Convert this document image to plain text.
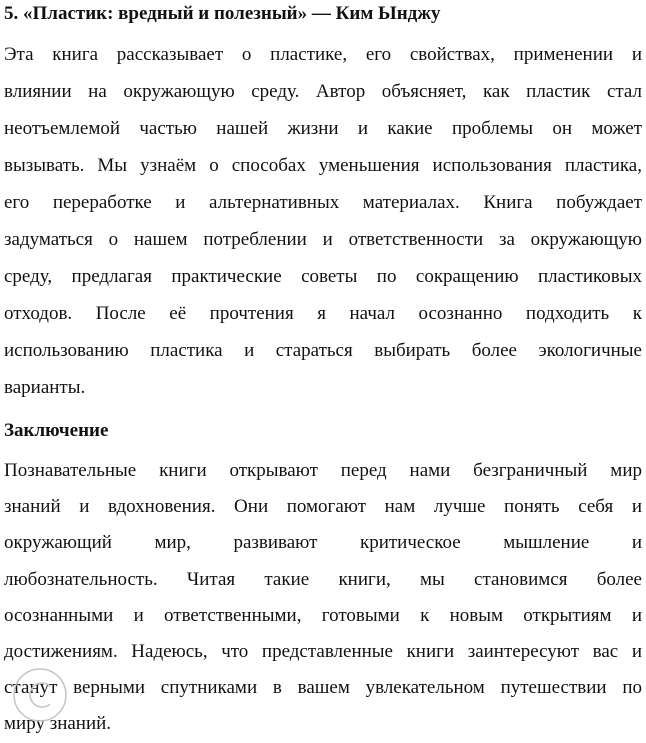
5. «Пластик: вредный и полезный» — Ким Ынджу
Эта книга рассказывает о пластике, его свойствах, применении и
влиянии на окружающую среду. Автор объясняет, как пластик стал
неотъемлемой частью нашей жизни и какие проблемы он может
вызывать. Мы узнаём о способах уменьшения использования пластика,
его переработке и альтернативных материалах. Книга побуждает
задуматься о нашем потреблении и ответственности за окружающую
среду, предлагая практические советы по сокращению пластиковых
отходов. После её прочтения я начал осознанно подходить к
использованию пластика и стараться выбирать более экологичные
варианты.
Заключение
Познавательные книги открывают перед нами безграничный мир
знаний и вдохновения. Они помогают нам лучше понять себя и
окружающий мир, развивают критическое мышление и
любознательность. Читая такие книги, мы становимся более
осознанными и ответственными, готовыми к новым открытиям и
достижениям. Надеюсь, что представленные книги заинтересуют вас и
станут верными спутниками в вашем увлекательном путешествии по
миру знаний.
